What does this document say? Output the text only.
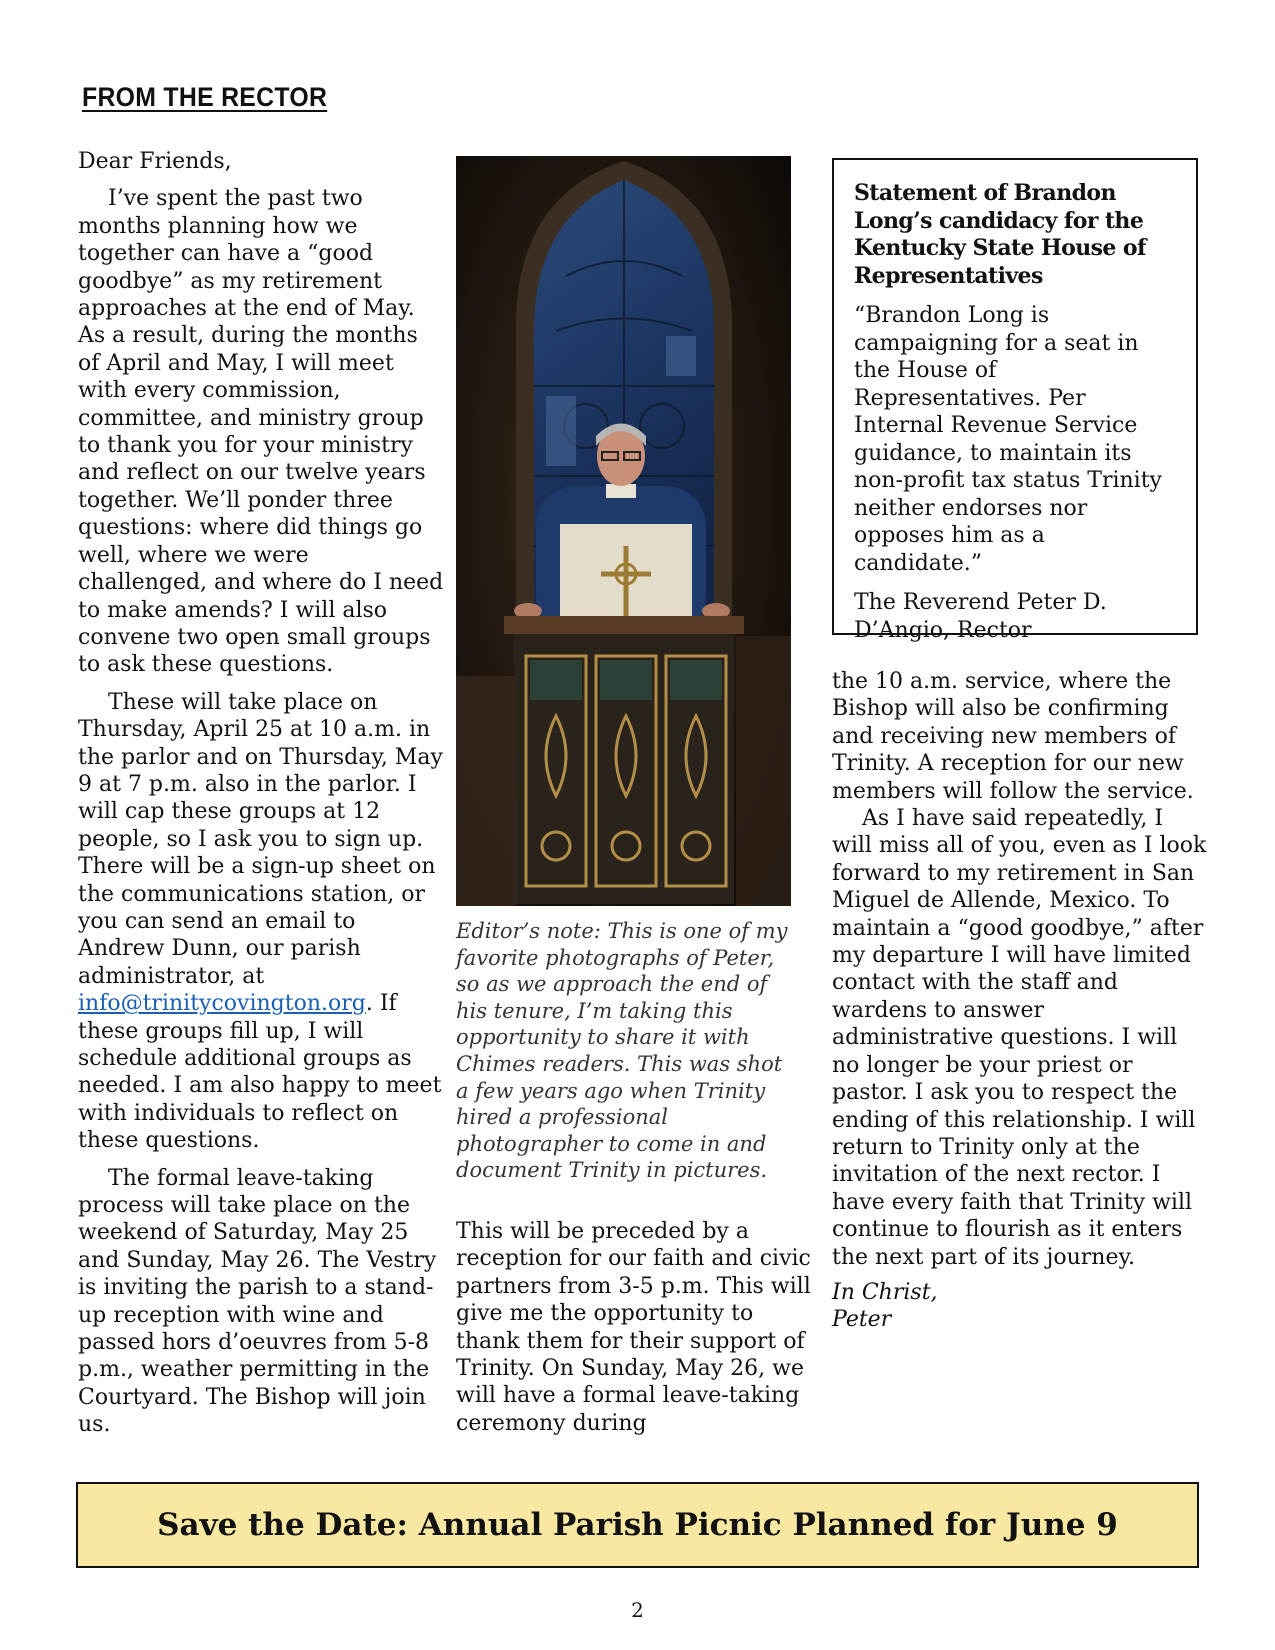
FROM THE RECTOR

Dear Friends,

I’ve spent the past two months planning how we together can have a “good goodbye” as my retirement approaches at the end of May. As a result, during the months of April and May, I will meet with every commission, committee, and ministry group to thank you for your ministry and reflect on our twelve years together. We’ll ponder three questions: where did things go well, where we were challenged, and where do I need to make amends? I will also convene two open small groups to ask these questions.

These will take place on Thursday, April 25 at 10 a.m. in the parlor and on Thursday, May 9 at 7 p.m. also in the parlor. I will cap these groups at 12 people, so I ask you to sign up. There will be a sign-up sheet on the communications station, or you can send an email to Andrew Dunn, our parish administrator, at info@trinitycovington.org. If these groups fill up, I will schedule additional groups as needed. I am also happy to meet with individuals to reflect on these questions.

The formal leave-taking process will take place on the weekend of Saturday, May 25 and Sunday, May 26. The Vestry is inviting the parish to a stand-up reception with wine and passed hors d’oeuvres from 5-8 p.m., weather permitting in the Courtyard. The Bishop will join us.

Editor’s note: This is one of my favorite photographs of Peter, so as we approach the end of his tenure, I’m taking this opportunity to share it with Chimes readers. This was shot a few years ago when Trinity hired a professional photographer to come in and document Trinity in pictures.

This will be preceded by a reception for our faith and civic partners from 3-5 p.m. This will give me the opportunity to thank them for their support of Trinity. On Sunday, May 26, we will have a formal leave-taking ceremony during

Statement of Brandon Long’s candidacy for the Kentucky State House of Representatives
“Brandon Long is campaigning for a seat in the House of Representatives. Per Internal Revenue Service guidance, to maintain its non-profit tax status Trinity neither endorses nor opposes him as a candidate.”
The Reverend Peter D. D’Angio, Rector

the 10 a.m. service, where the Bishop will also be confirming and receiving new members of Trinity. A reception for our new members will follow the service.

As I have said repeatedly, I will miss all of you, even as I look forward to my retirement in San Miguel de Allende, Mexico. To maintain a “good goodbye,” after my departure I will have limited contact with the staff and wardens to answer administrative questions. I will no longer be your priest or pastor. I ask you to respect the ending of this relationship. I will return to Trinity only at the invitation of the next rector. I have every faith that Trinity will continue to flourish as it enters the next part of its journey.

In Christ,

Peter

Save the Date: Annual Parish Picnic Planned for June 9
2
